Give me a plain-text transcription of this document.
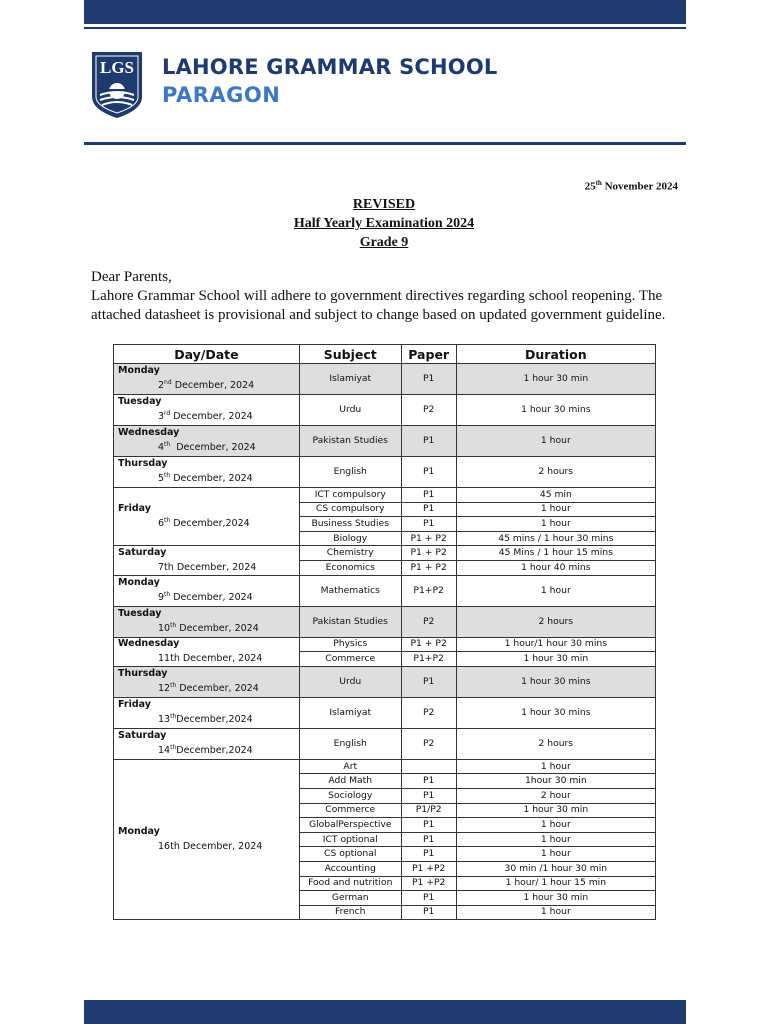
LGS LAHORE GRAMMAR SCHOOL
PARAGON
25th November 2024
REVISED
Half Yearly Examination 2024
Grade 9
Dear Parents,
Lahore Grammar School will adhere to government directives regarding school reopening. The attached datasheet is provisional and subject to change based on updated government guideline.
Day/Date	Subject	Paper	Duration

Monday
2nd December, 2024	Islamiyat	P1	1 hour 30 min

Tuesday
3rd December, 2024	Urdu	P2	1 hour 30 mins

Wednesday
4th  December, 2024	Pakistan Studies	P1	1 hour

Thursday
5th December, 2024	English	P1	2 hours

Friday
6th December,2024	ICT compulsory	P1	45 min
	CS compulsory	P1	1 hour
	Business Studies	P1	1 hour
	Biology	P1 + P2	45 mins / 1 hour 30 mins

Saturday
7th December, 2024	Chemistry	P1 + P2	45 Mins / 1 hour 15 mins
	Economics	P1 + P2	1 hour 40 mins

Monday
9th December, 2024	Mathematics	P1+P2	1 hour

Tuesday
10th December, 2024	Pakistan Studies	P2	2 hours

Wednesday
11th December, 2024	Physics	P1 + P2	1 hour/1 hour 30 mins
	Commerce	P1+P2	1 hour 30 min

Thursday
12th December, 2024	Urdu	P1	1 hour 30 mins

Friday
13thDecember,2024	Islamiyat	P2	1 hour 30 mins

Saturday
14thDecember,2024	English	P2	2 hours

Monday
16th December, 2024	Art		1 hour
	Add Math	P1	1hour 30 min
	Sociology	P1	2 hour
	Commerce	P1/P2	1 hour 30 min
	GlobalPerspective	P1	1 hour
	ICT optional	P1	1 hour
	CS optional	P1	1 hour
	Accounting	P1 +P2	30 min /1 hour 30 min
	Food and nutrition	P1 +P2	1 hour/ 1 hour 15 min
	German	P1	1 hour 30 min
	French	P1	1 hour
